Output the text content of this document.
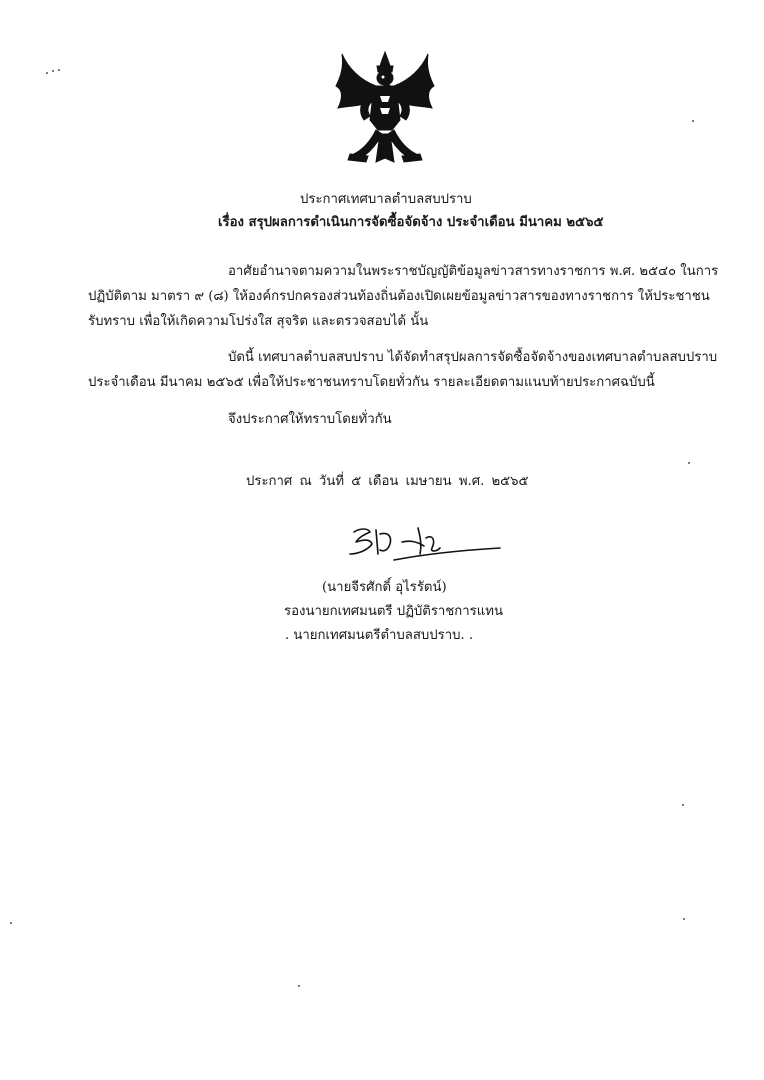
ประกาศเทศบาลตำบลสบปราบ
เรื่อง สรุปผลการดำเนินการจัดซื้อจัดจ้าง ประจำเดือน มีนาคม ๒๕๖๕
อาศัยอำนาจตามความในพระราชบัญญัติข้อมูลข่าวสารทางราชการ พ.ศ. ๒๕๔๐ ในการ
ปฏิบัติตาม มาตรา ๙ (๘) ให้องค์กรปกครองส่วนท้องถิ่นต้องเปิดเผยข้อมูลข่าวสารของทางราชการ ให้ประชาชน
รับทราบ เพื่อให้เกิดความโปร่งใส สุจริต และตรวจสอบได้ นั้น
บัดนี้ เทศบาลตำบลสบปราบ ได้จัดทำสรุปผลการจัดซื้อจัดจ้างของเทศบาลตำบลสบปราบ
ประจำเดือน มีนาคม ๒๕๖๕ เพื่อให้ประชาชนทราบโดยทั่วกัน รายละเอียดตามแนบท้ายประกาศฉบับนี้
จึงประกาศให้ทราบโดยทั่วกัน
ประกาศ ณ วันที่ ๕ เดือน เมษายน พ.ศ. ๒๕๖๕
(นายจีรศักดิ์ อุไรรัตน์)
รองนายกเทศมนตรี ปฏิบัติราชการแทน
. นายกเทศมนตรีตำบลสบปราบ. .
